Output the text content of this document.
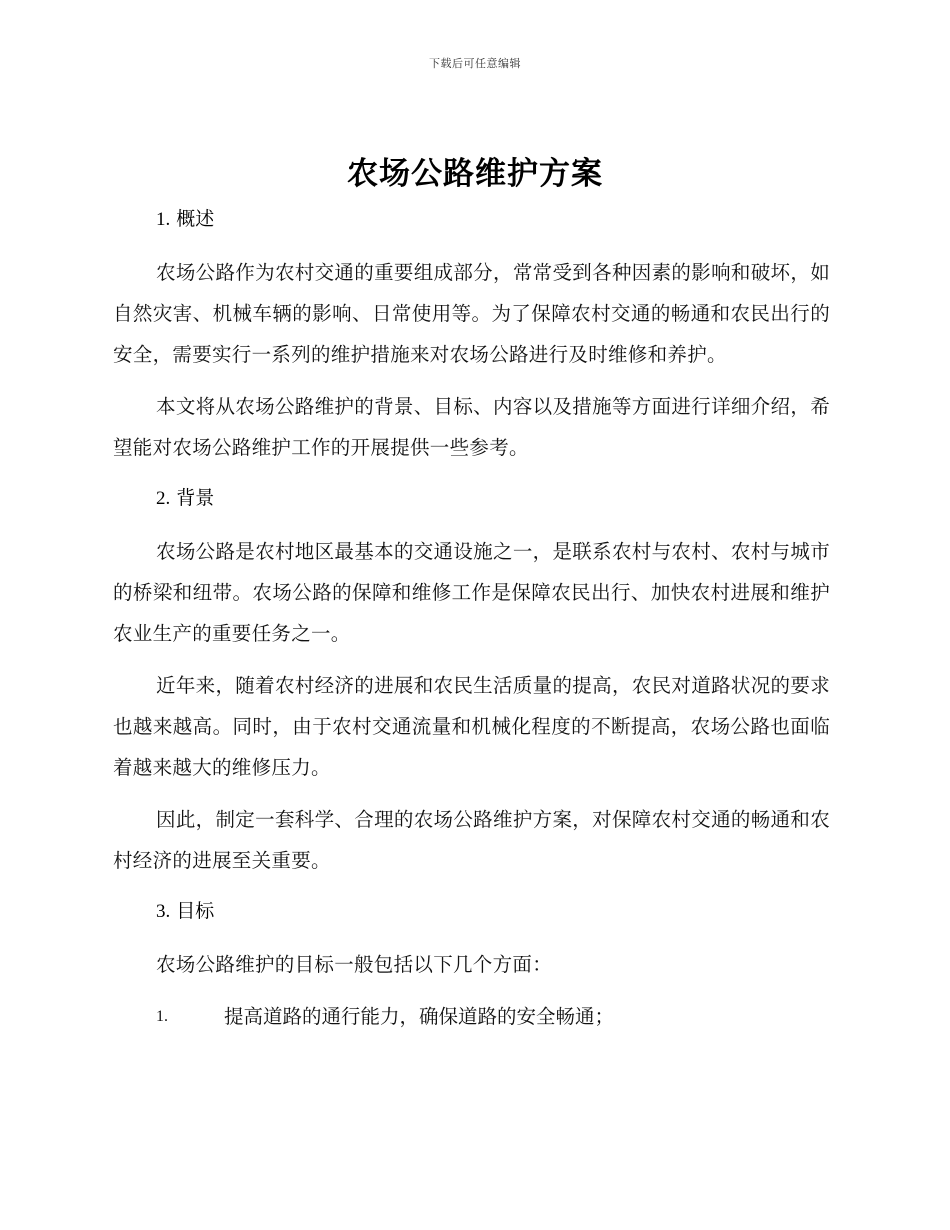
下载后可任意编辑
农场公路维护方案
1. 概述

农场公路作为农村交通的重要组成部分，常常受到各种因素的影响和破坏，如自然灾害、机械车辆的影响、日常使用等。为了保障农村交通的畅通和农民出行的安全，需要实行一系列的维护措施来对农场公路进行及时维修和养护。

本文将从农场公路维护的背景、目标、内容以及措施等方面进行详细介绍，希望能对农场公路维护工作的开展提供一些参考。

2. 背景

农场公路是农村地区最基本的交通设施之一，是联系农村与农村、农村与城市的桥梁和纽带。农场公路的保障和维修工作是保障农民出行、加快农村进展和维护农业生产的重要任务之一。

近年来，随着农村经济的进展和农民生活质量的提高，农民对道路状况的要求也越来越高。同时，由于农村交通流量和机械化程度的不断提高，农场公路也面临着越来越大的维修压力。

因此，制定一套科学、合理的农场公路维护方案，对保障农村交通的畅通和农村经济的进展至关重要。

3. 目标

农场公路维护的目标一般包括以下几个方面：

1.	提高道路的通行能力，确保道路的安全畅通；
